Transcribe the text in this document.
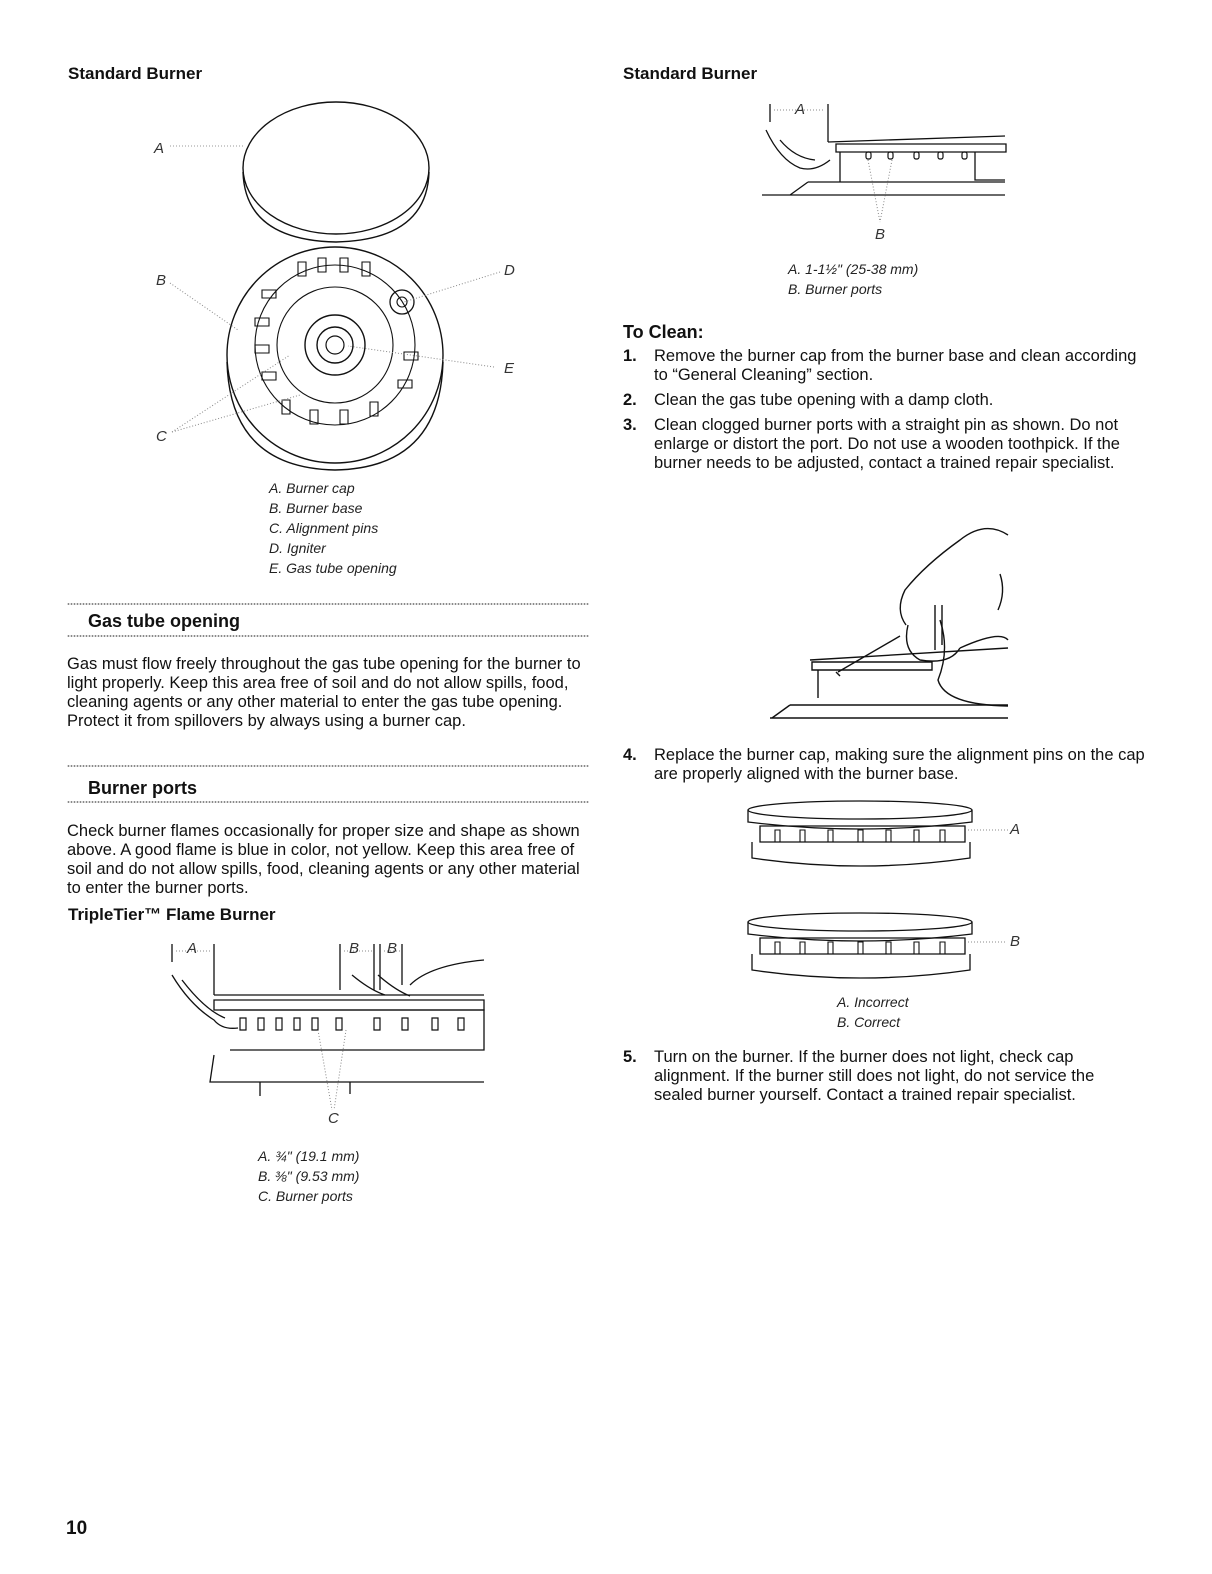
Standard Burner
A
B
D
E
C
A. Burner cap
B. Burner base
C. Alignment pins
D. Igniter
E. Gas tube opening
Gas tube opening

Gas must flow freely throughout the gas tube opening for the burner to light properly. Keep this area free of soil and do not allow spills, food, cleaning agents or any other material to enter the gas tube opening. Protect it from spillovers by always using a burner cap.

Burner ports

Check burner flames occasionally for proper size and shape as shown above. A good flame is blue in color, not yellow. Keep this area free of soil and do not allow spills, food, cleaning agents or any other material to enter the burner ports.

TripleTier™ Flame Burner
A	B B
C
A. ¾" (19.1 mm)
B. ⅜" (9.53 mm)
C. Burner ports
Standard Burner
A
B
A. 1-1½" (25-38 mm)
B. Burner ports
To Clean:
1. Remove the burner cap from the burner base and clean according to “General Cleaning” section.
2. Clean the gas tube opening with a damp cloth.
3. Clean clogged burner ports with a straight pin as shown. Do not enlarge or distort the port. Do not use a wooden toothpick. If the burner needs to be adjusted, contact a trained repair specialist.
4.	Replace the burner cap, making sure the alignment pins on the cap are properly aligned with the burner base.
A
B
A. Incorrect
B. Correct
5.	Turn on the burner. If the burner does not light, check cap alignment. If the burner still does not light, do not service the sealed burner yourself. Contact a trained repair specialist.
10
